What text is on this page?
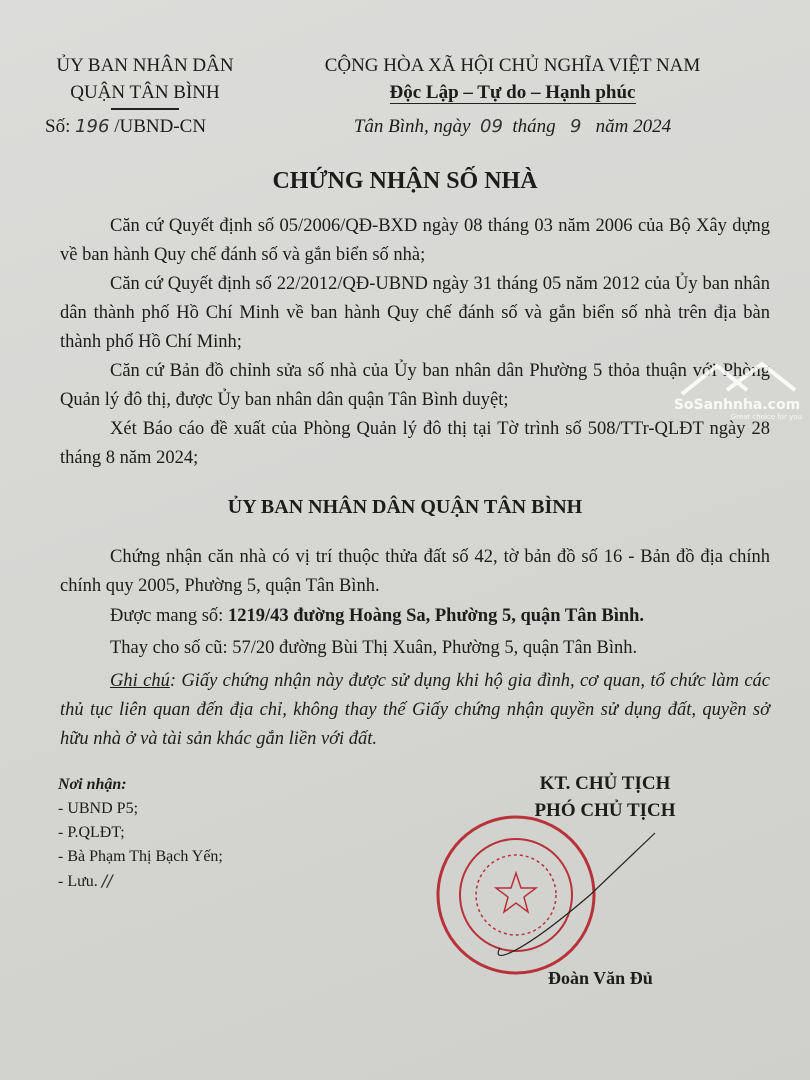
ỦY BAN NHÂN DÂN
QUẬN TÂN BÌNH
Số: 196 /UBND-CN
CỘNG HÒA XÃ HỘI CHỦ NGHĨA VIỆT NAM
Độc Lập – Tự do – Hạnh phúc
Tân Bình, ngày 09 tháng 9 năm 2024
CHỨNG NHẬN SỐ NHÀ
Căn cứ Quyết định số 05/2006/QĐ-BXD ngày 08 tháng 03 năm 2006 của Bộ Xây dựng về ban hành Quy chế đánh số và gắn biển số nhà;
Căn cứ Quyết định số 22/2012/QĐ-UBND ngày 31 tháng 05 năm 2012 của Ủy ban nhân dân thành phố Hồ Chí Minh về ban hành Quy chế đánh số và gắn biển số nhà trên địa bàn thành phố Hồ Chí Minh;
Căn cứ Bản đồ chỉnh sửa số nhà của Ủy ban nhân dân Phường 5 thỏa thuận với Phòng Quản lý đô thị, được Ủy ban nhân dân quận Tân Bình duyệt;
Xét Báo cáo đề xuất của Phòng Quản lý đô thị tại Tờ trình số 508/TTr-QLĐT ngày 28 tháng 8 năm 2024;
ỦY BAN NHÂN DÂN QUẬN TÂN BÌNH
Chứng nhận căn nhà có vị trí thuộc thửa đất số 42, tờ bản đồ số 16 - Bản đồ địa chính chính quy 2005, Phường 5, quận Tân Bình.
Được mang số: 1219/43 đường Hoàng Sa, Phường 5, quận Tân Bình.
Thay cho số cũ: 57/20 đường Bùi Thị Xuân, Phường 5, quận Tân Bình.
Ghi chú: Giấy chứng nhận này được sử dụng khi hộ gia đình, cơ quan, tổ chức làm các thủ tục liên quan đến địa chỉ, không thay thế Giấy chứng nhận quyền sử dụng đất, quyền sở hữu nhà ở và tài sản khác gắn liền với đất.
Nơi nhận:
- UBND P5;
- P.QLĐT;
- Bà Phạm Thị Bạch Yến;
- Lưu. //
KT. CHỦ TỊCH
PHÓ CHỦ TỊCH
Đoàn Văn Đủ
SoSanhnha.com
Great choice for you
